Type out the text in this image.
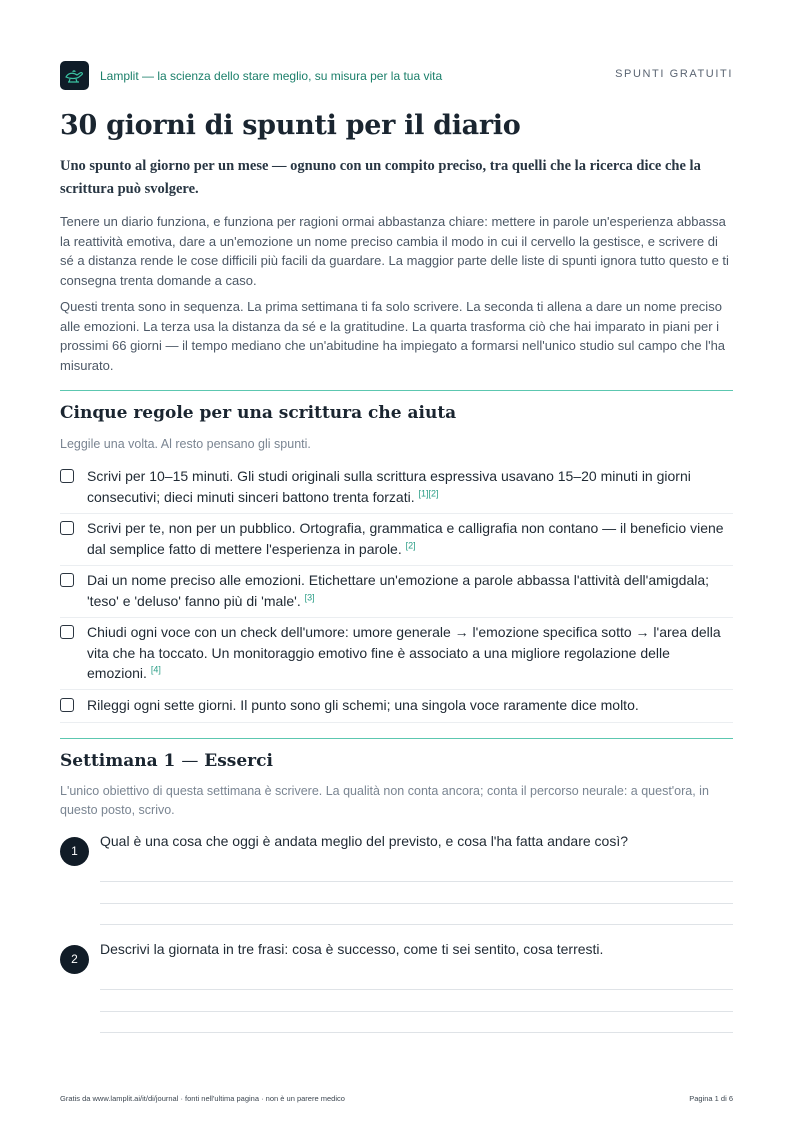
Lamplit — la scienza dello stare meglio, su misura per la tua vita	SPUNTI GRATUITI
30 giorni di spunti per il diario

Uno spunto al giorno per un mese — ognuno con un compito preciso, tra quelli che la ricerca dice che la scrittura può svolgere.

Tenere un diario funziona, e funziona per ragioni ormai abbastanza chiare: mettere in parole un'esperienza abbassa la reattività emotiva, dare a un'emozione un nome preciso cambia il modo in cui il cervello la gestisce, e scrivere di sé a distanza rende le cose difficili più facili da guardare. La maggior parte delle liste di spunti ignora tutto questo e ti consegna trenta domande a caso.

Questi trenta sono in sequenza. La prima settimana ti fa solo scrivere. La seconda ti allena a dare un nome preciso alle emozioni. La terza usa la distanza da sé e la gratitudine. La quarta trasforma ciò che hai imparato in piani per i prossimi 66 giorni — il tempo mediano che un'abitudine ha impiegato a formarsi nell'unico studio sul campo che l'ha misurato.

Cinque regole per una scrittura che aiuta

Leggile una volta. Al resto pensano gli spunti.

Scrivi per 10–15 minuti. Gli studi originali sulla scrittura espressiva usavano 15–20 minuti in giorni consecutivi; dieci minuti sinceri battono trenta forzati. [1][2]
Scrivi per te, non per un pubblico. Ortografia, grammatica e calligrafia non contano — il beneficio viene dal semplice fatto di mettere l'esperienza in parole. [2]
Dai un nome preciso alle emozioni. Etichettare un'emozione a parole abbassa l'attività dell'amigdala; 'teso' e 'deluso' fanno più di 'male'. [3]
Chiudi ogni voce con un check dell'umore: umore generale → l'emozione specifica sotto → l'area della vita che ha toccato. Un monitoraggio emotivo fine è associato a una migliore regolazione delle emozioni. [4]
Rileggi ogni sette giorni. Il punto sono gli schemi; una singola voce raramente dice molto.
Settimana 1 — Esserci

L'unico obiettivo di questa settimana è scrivere. La qualità non conta ancora; conta il percorso neurale: a quest'ora, in questo posto, scrivo.

1
Qual è una cosa che oggi è andata meglio del previsto, e cosa l'ha fatta andare così?
2
Descrivi la giornata in tre frasi: cosa è successo, come ti sei sentito, cosa terresti.
Gratis da www.lamplit.ai/it/di/journal · fonti nell'ultima pagina · non è un parere medico	Pagina 1 di 6
